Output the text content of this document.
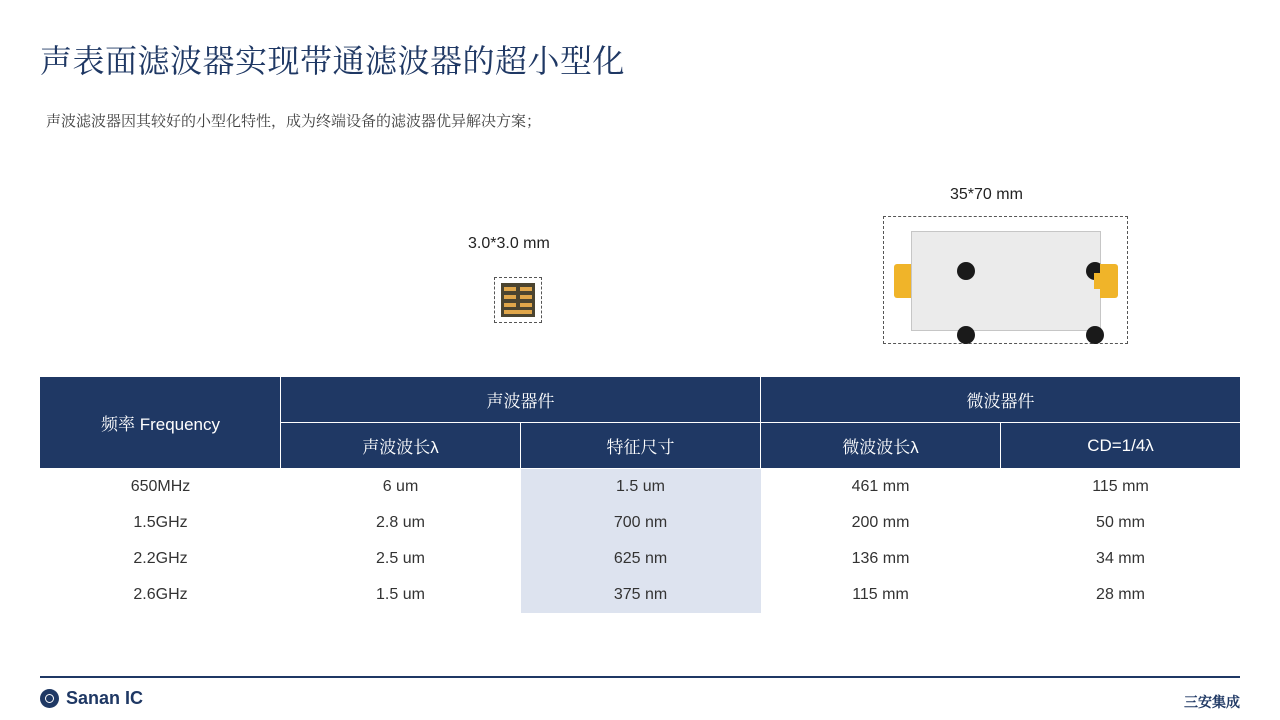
声表面滤波器实现带通滤波器的超小型化
声波滤波器因其较好的小型化特性，成为终端设备的滤波器优异解决方案；
3.0*3.0 mm
35*70 mm
频率 Frequency	声波器件		微波器件	
	声波波长λ	特征尺寸	微波波长λ	CD=1/4λ
650MHz	6 um	1.5 um	461 mm	115 mm
1.5GHz	2.8 um	700 nm	200 mm	50 mm
2.2GHz	2.5 um	625 nm	136 mm	34 mm
2.6GHz	1.5 um	375 nm	115 mm	28 mm
Sanan IC	三安集成
